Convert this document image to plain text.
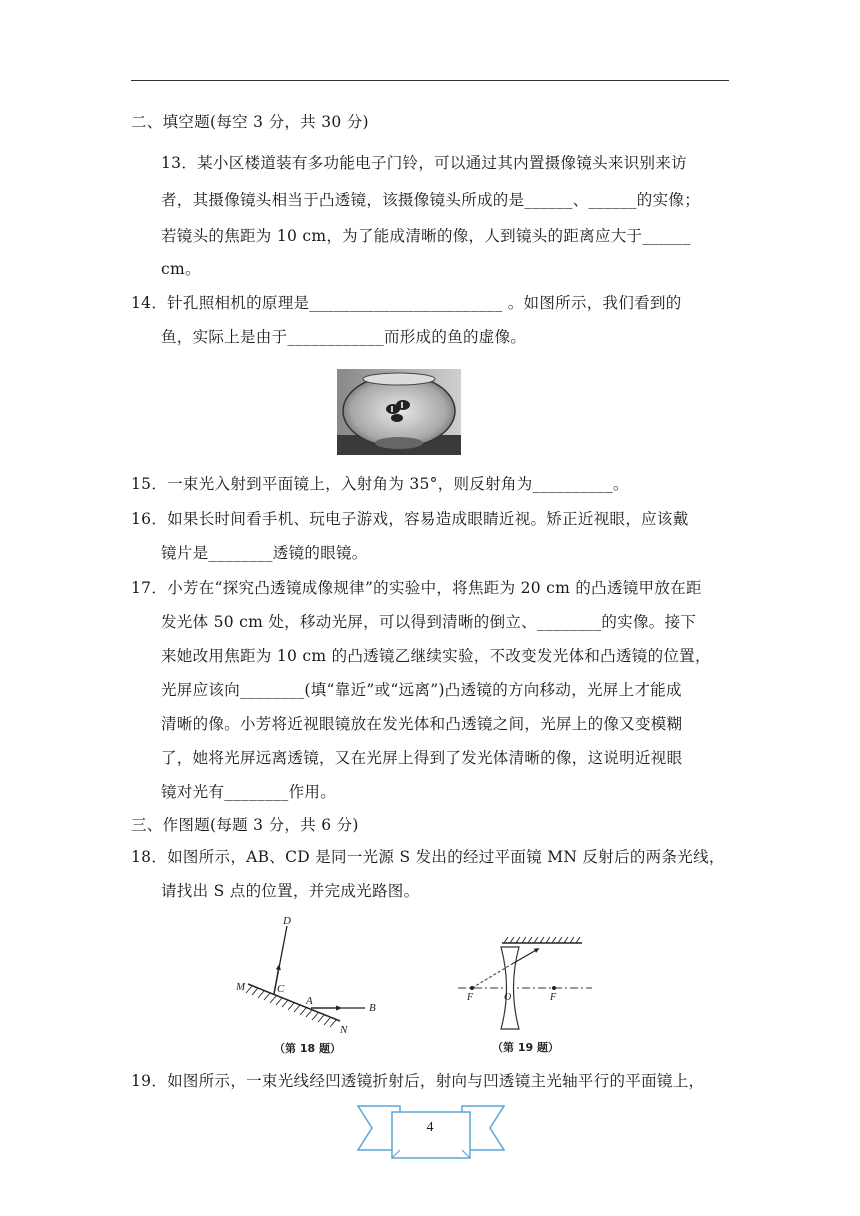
二、填空题(每空 3 分，共 30 分)
13．某小区楼道装有多功能电子门铃，可以通过其内置摄像镜头来识别来访
者，其摄像镜头相当于凸透镜，该摄像镜头所成的是______、______的实像；
若镜头的焦距为 10 cm，为了能成清晰的像，人到镜头的距离应大于______
cm。
14．针孔照相机的原理是________________________ 。如图所示，我们看到的
鱼，实际上是由于____________而形成的鱼的虚像。
15．一束光入射到平面镜上，入射角为 35°，则反射角为__________。
16．如果长时间看手机、玩电子游戏，容易造成眼睛近视。矫正近视眼，应该戴
镜片是________透镜的眼镜。
17．小芳在“探究凸透镜成像规律”的实验中，将焦距为 20 cm 的凸透镜甲放在距
发光体 50 cm 处，移动光屏，可以得到清晰的倒立、________的实像。接下
来她改用焦距为 10 cm 的凸透镜乙继续实验，不改变发光体和凸透镜的位置，
光屏应该向________(填“靠近”或“远离”)凸透镜的方向移动，光屏上才能成
清晰的像。小芳将近视眼镜放在发光体和凸透镜之间，光屏上的像又变模糊
了，她将光屏远离透镜，又在光屏上得到了发光体清晰的像，这说明近视眼
镜对光有________作用。
三、作图题(每题 3 分，共 6 分)
18．如图所示，AB、CD 是同一光源 S 发出的经过平面镜 MN 反射后的两条光线，
请找出 S 点的位置，并完成光路图。
D
M	C
A
B
N
（第 18 题）
F	O	F
（第 19 题）
19．如图所示，一束光线经凹透镜折射后，射向与凹透镜主光轴平行的平面镜上，
4
